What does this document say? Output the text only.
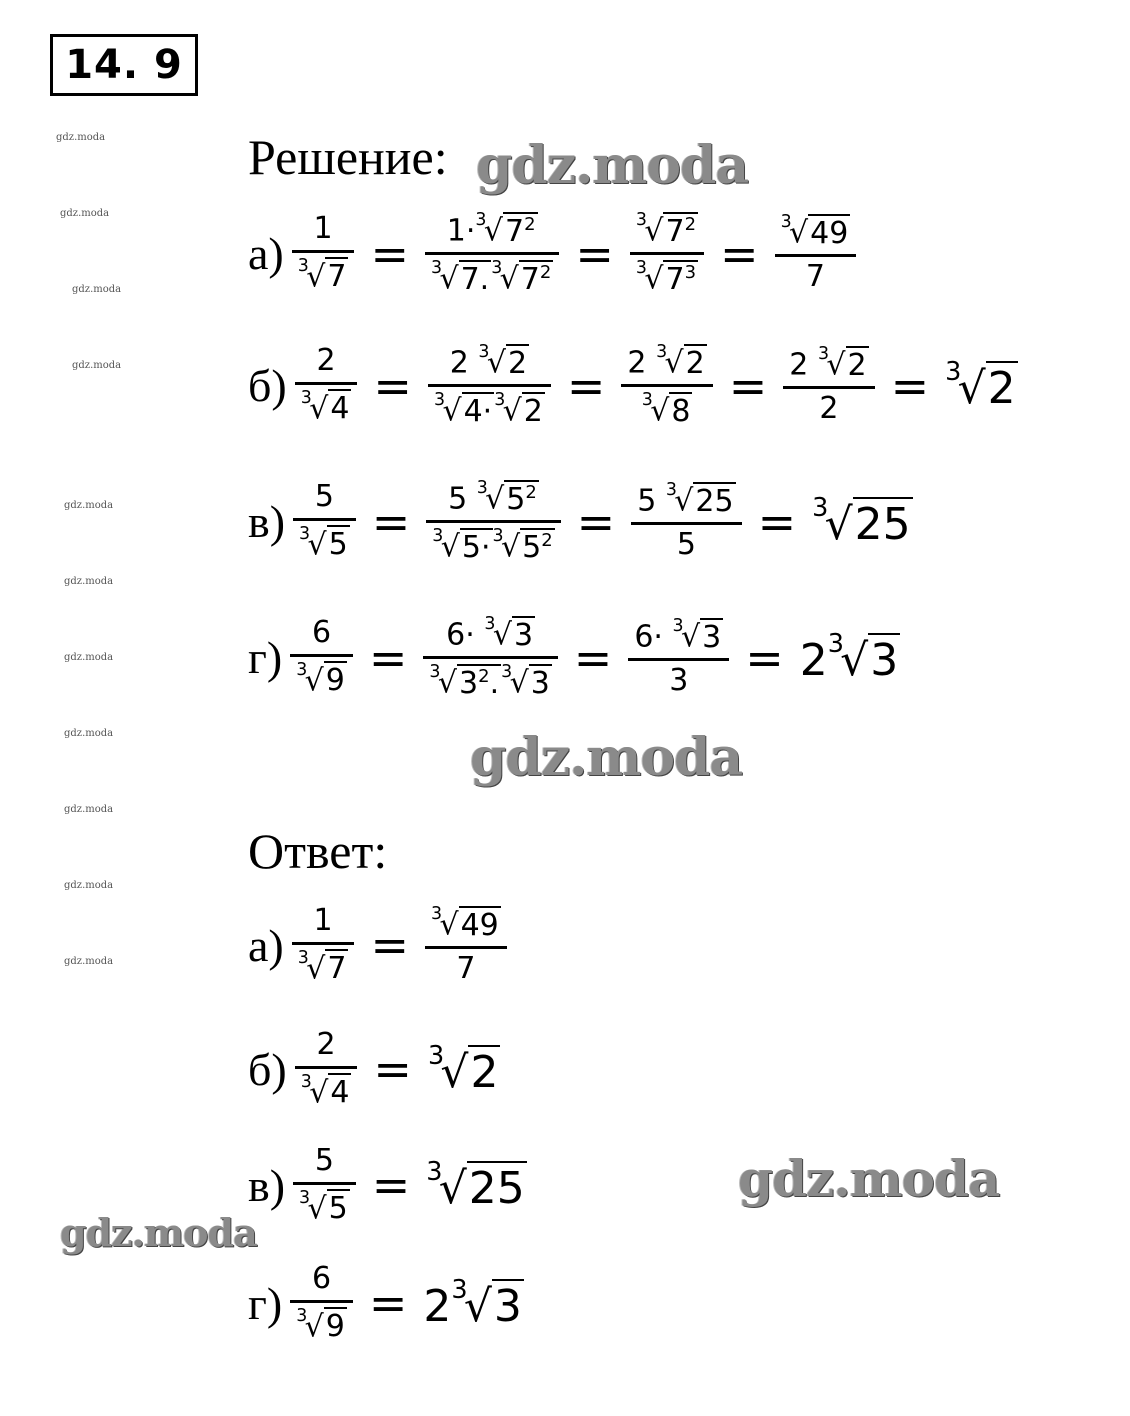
14. 9
gdz.moda
gdz.moda
gdz.moda
gdz.moda
gdz.moda
gdz.moda
gdz.moda
gdz.moda
gdz.moda
gdz.moda
gdz.moda
gdz.moda
gdz.moda
gdz.moda
gdz.moda
Решение:
$а) \frac{1}{^3√7} = \frac{1\cdot^3√7^2}{^3√7. ^3√7^2} = \frac{^3√7^2}{^3√7^3} = \frac{^3√49}{7}$
$б) \frac{2}{^3√4} = \frac{2 ^3√2}{^3√4\cdot ^3√2} = \frac{2 ^3√2}{^3√8} = \frac{2 ^3√2}{2} = ^3√2$
$в) \frac{5}{^3√5} = \frac{5 ^3√5^2}{^3√5\cdot ^3√5^2} = \frac{5 ^3√25}{5} = ^3√25$
$г) \frac{6}{^3√9} = \frac{6\cdot ^3√3}{^3√3^2. ^3√3} = \frac{6\cdot ^3√3}{3} = 2^3√3$
Ответ:
$а) \frac{1}{^3√7} = \frac{^3√49}{7}$
$б) \frac{2}{^3√4} = ^3√2$
$в) \frac{5}{^3√5} = ^3√25$
$г) \frac{6}{^3√9} = 2^3√3$
